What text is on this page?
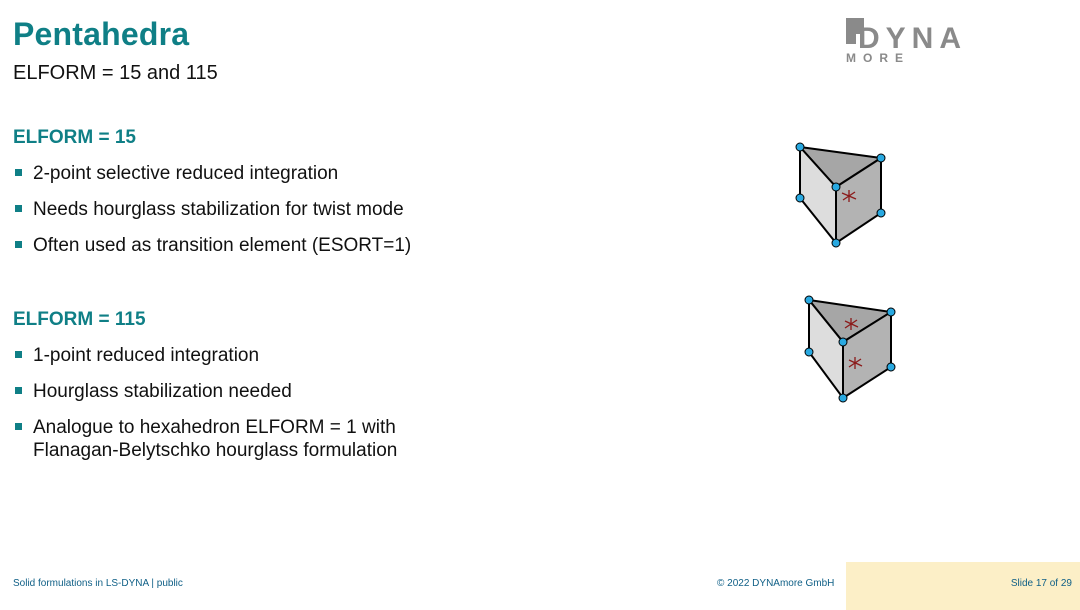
Pentahedra
ELFORM = 15 and 115
DYNA
MORE
ELFORM = 15
2-point selective reduced integration
Needs hourglass stabilization for twist mode
Often used as transition element (ESORT=1)
ELFORM = 115
1-point reduced integration
Hourglass stabilization needed
Analogue to hexahedron ELFORM = 1 with Flanagan-Belytschko hourglass formulation
Solid formulations in LS-DYNA | public	© 2022 DYNAmore GmbH	Slide 17 of 29
